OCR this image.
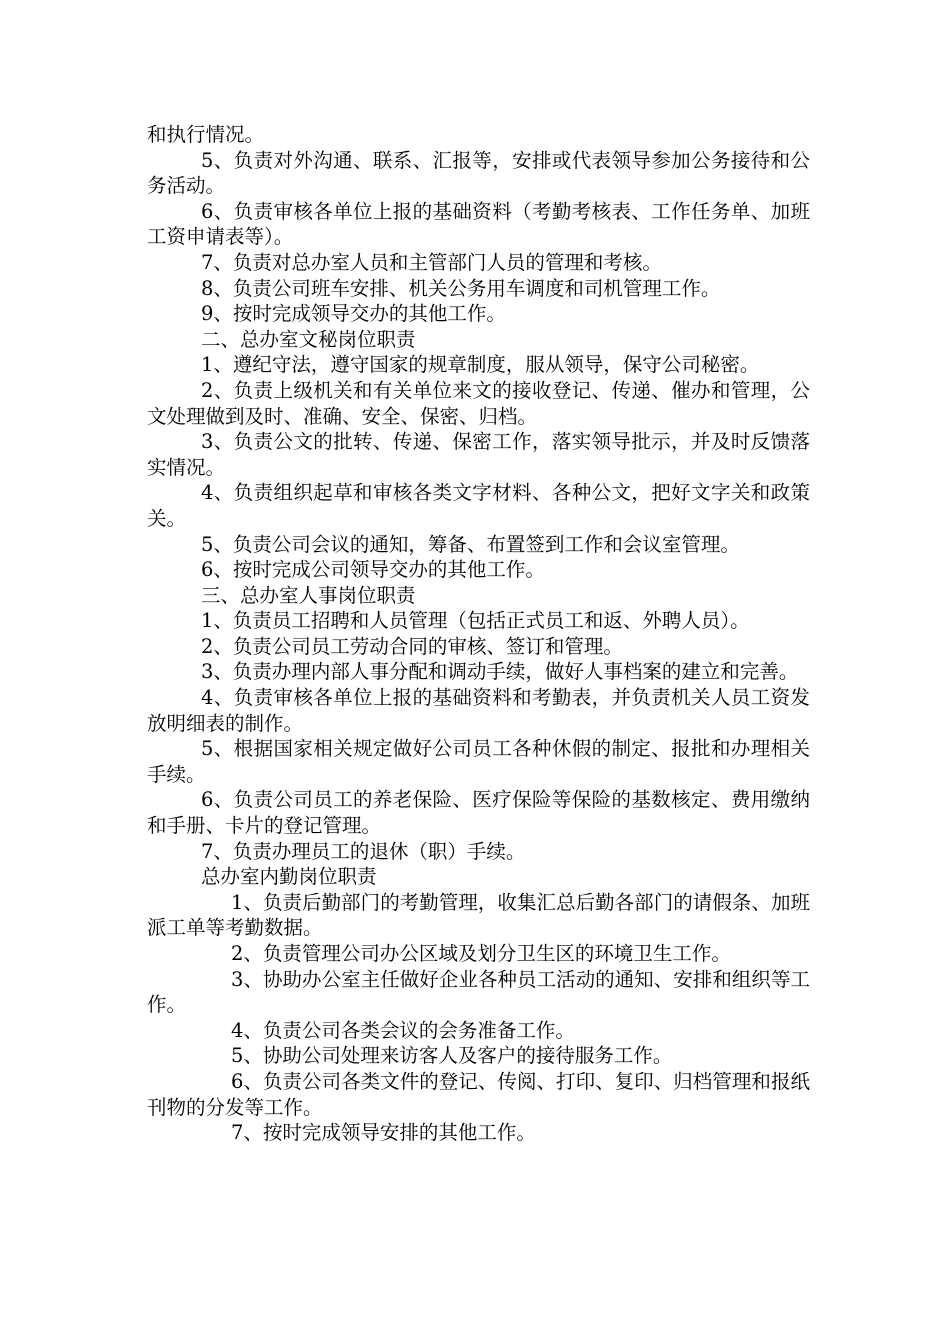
和执行情况。

5、负责对外沟通、联系、汇报等，安排或代表领导参加公务接待和公务活动。

6、负责审核各单位上报的基础资料（考勤考核表、工作任务单、加班工资申请表等）。

7、负责对总办室人员和主管部门人员的管理和考核。

8、负责公司班车安排、机关公务用车调度和司机管理工作。

9、按时完成领导交办的其他工作。

二、总办室文秘岗位职责

1、遵纪守法，遵守国家的规章制度，服从领导，保守公司秘密。

2、负责上级机关和有关单位来文的接收登记、传递、催办和管理，公文处理做到及时、准确、安全、保密、归档。

3、负责公文的批转、传递、保密工作，落实领导批示，并及时反馈落实情况。

4、负责组织起草和审核各类文字材料、各种公文，把好文字关和政策关。

5、负责公司会议的通知，筹备、布置签到工作和会议室管理。

6、按时完成公司领导交办的其他工作。

三、总办室人事岗位职责

1、负责员工招聘和人员管理（包括正式员工和返、外聘人员）。

2、负责公司员工劳动合同的审核、签订和管理。

3、负责办理内部人事分配和调动手续，做好人事档案的建立和完善。

4、负责审核各单位上报的基础资料和考勤表，并负责机关人员工资发放明细表的制作。

5、根据国家相关规定做好公司员工各种休假的制定、报批和办理相关手续。

6、负责公司员工的养老保险、医疗保险等保险的基数核定、费用缴纳和手册、卡片的登记管理。

7、负责办理员工的退休（职）手续。

总办室内勤岗位职责

1、负责后勤部门的考勤管理，收集汇总后勤各部门的请假条、加班派工单等考勤数据。

2、负责管理公司办公区域及划分卫生区的环境卫生工作。

3、协助办公室主任做好企业各种员工活动的通知、安排和组织等工作。

4、负责公司各类会议的会务准备工作。

5、协助公司处理来访客人及客户的接待服务工作。

6、负责公司各类文件的登记、传阅、打印、复印、归档管理和报纸刊物的分发等工作。

7、按时完成领导安排的其他工作。
